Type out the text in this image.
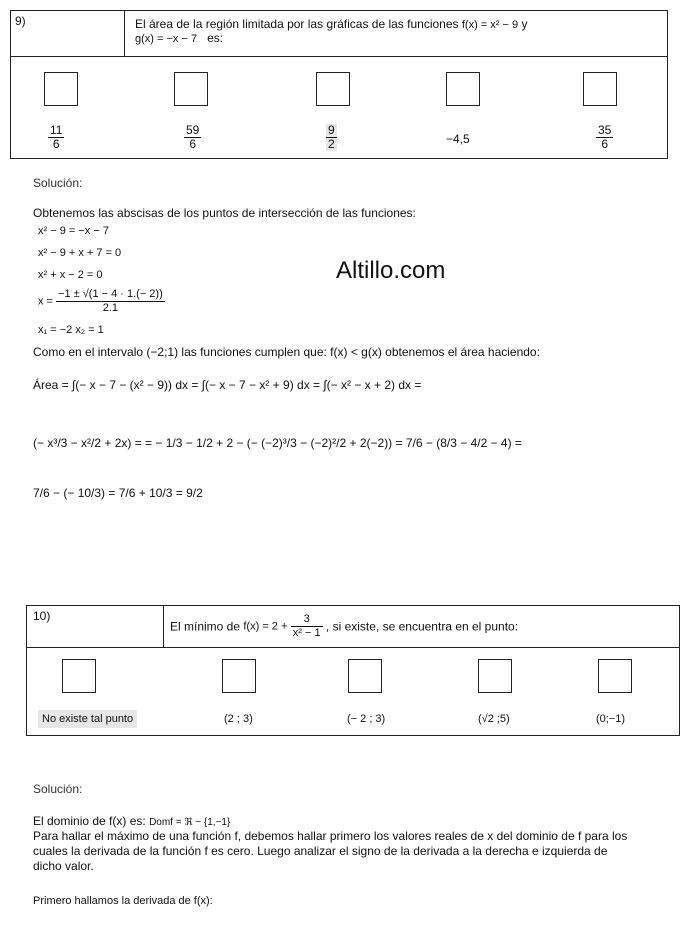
9)	El área de la región limitada por las gráficas de las funciones f(x) = x² − 9 y
g(x) = −x − 7 es:

$\frac{11}{6}$	$\frac{59}{6}$	$\frac{9}{2}$	−4,5	$\frac{35}{6}$
Solución:
Obtenemos las abscisas de los puntos de intersección de las funciones:
x² − 9 = −x − 7
x² − 9 + x + 7 = 0
x² + x − 2 = 0
$x = \frac{-1 \pm √(1 - 4 \cdot 1.(- 2))}{2.1}$
x₁ = −2 x₂ = 1
Altillo.com
Como en el intervalo (−2;1) las funciones cumplen que: f(x) < g(x) obtenemos el área haciendo:
Área = ∫(− x − 7 − (x² − 9)) dx = ∫(− x − 7 − x² + 9) dx = ∫(− x² − x + 2) dx =
(− x³/3 − x²/2 + 2x) = = − 1/3 − 1/2 + 2 − (− (−2)³/3 − (−2)²/2 + 2(−2)) = 7/6 − (8/3 − 4/2 − 4) =
7/6 − (− 10/3) = 7/6 + 10/3 = 9/2
10)	El mínimo de $f(x) = 2 + \frac{3}{\text{x² − 1}}$ , si existe, se encuentra en el punto:

No existe tal punto	(2 ; 3)	(− 2 ; 3)	(√2 ;5)	(0;−1)
Solución:
El dominio de f(x) es: Domf = ℜ − {1,−1}
Para hallar el máximo de una función f, debemos hallar primero los valores reales de x del dominio de f para los cuales la derivada de la función f es cero. Luego analizar el signo de la derivada a la derecha e izquierda de dicho valor.
Primero hallamos la derivada de f(x):
